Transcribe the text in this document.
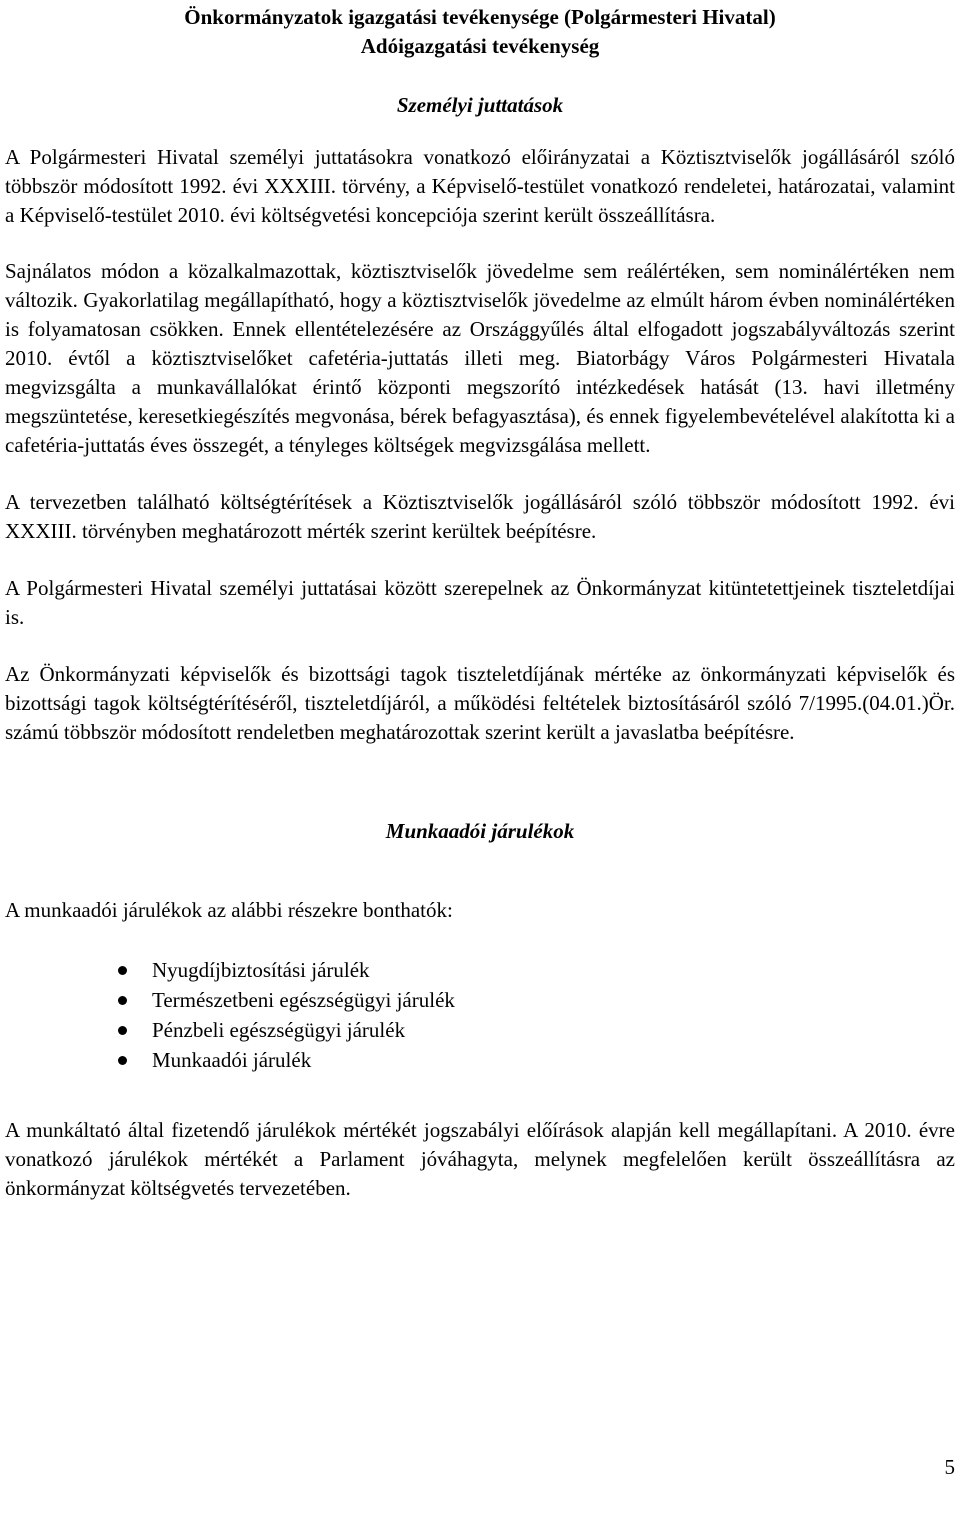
Önkormányzatok igazgatási tevékenysége (Polgármesteri Hivatal)
Adóigazgatási tevékenység
Személyi juttatások

A Polgármesteri Hivatal személyi juttatásokra vonatkozó előirányzatai a Köztisztviselők jogállásáról szóló többször módosított 1992. évi XXXIII. törvény, a Képviselő-testület vonatkozó rendeletei, határozatai, valamint a Képviselő-testület 2010. évi költségvetési koncepciója szerint került összeállításra.

Sajnálatos módon a közalkalmazottak, köztisztviselők jövedelme sem reálértéken, sem nominálértéken nem változik. Gyakorlatilag megállapítható, hogy a köztisztviselők jövedelme az elmúlt három évben nominálértéken is folyamatosan csökken. Ennek ellentételezésére az Országgyűlés által elfogadott jogszabályváltozás szerint 2010. évtől a köztisztviselőket cafetéria-juttatás illeti meg. Biatorbágy Város Polgármesteri Hivatala megvizsgálta a munkavállalókat érintő központi megszorító intézkedések hatását (13. havi illetmény megszüntetése, keresetkiegészítés megvonása, bérek befagyasztása), és ennek figyelembevételével alakította ki a cafetéria-juttatás éves összegét, a tényleges költségek megvizsgálása mellett.

A tervezetben található költségtérítések a Köztisztviselők jogállásáról szóló többször módosított 1992. évi XXXIII. törvényben meghatározott mérték szerint kerültek beépítésre.

A Polgármesteri Hivatal személyi juttatásai között szerepelnek az Önkormányzat kitüntetettjeinek tiszteletdíjai is.

Az Önkormányzati képviselők és bizottsági tagok tiszteletdíjának mértéke az önkormányzati képviselők és bizottsági tagok költségtérítéséről, tiszteletdíjáról, a működési feltételek biztosításáról szóló 7/1995.(04.01.)Ör. számú többször módosított rendeletben meghatározottak szerint került a javaslatba beépítésre.

Munkaadói járulékok

A munkaadói járulékok az alábbi részekre bonthatók:

Nyugdíjbiztosítási járulék
Természetbeni egészségügyi járulék
Pénzbeli egészségügyi járulék
Munkaadói járulék

A munkáltató által fizetendő járulékok mértékét jogszabályi előírások alapján kell megállapítani. A 2010. évre vonatkozó járulékok mértékét a Parlament jóváhagyta, melynek megfelelően került összeállításra az önkormányzat költségvetés tervezetében.

5
